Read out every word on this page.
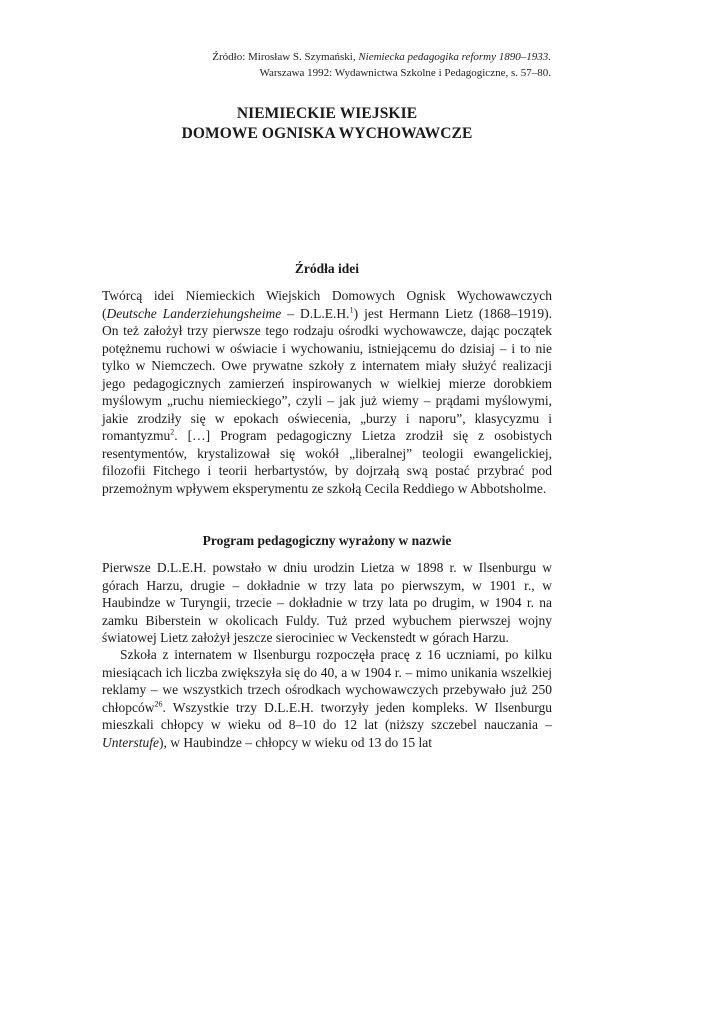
Źródło: Mirosław S. Szymański, Niemiecka pedagogika reformy 1890–1933.
Warszawa 1992: Wydawnictwa Szkolne i Pedagogiczne, s. 57–80.
NIEMIECKIE WIEJSKIE
DOMOWE OGNISKA WYCHOWAWCZE
Źródła idei
Twórcą idei Niemieckich Wiejskich Domowych Ognisk Wychowawczych (Deutsche Landerziehungsheime – D.L.E.H.$^1$) jest Hermann Lietz (1868–1919). On też założył trzy pierwsze tego rodzaju ośrodki wychowawcze, dając początek potężnemu ruchowi w oświacie i wychowaniu, istniejącemu do dzisiaj – i to nie tylko w Niemczech. Owe prywatne szkoły z internatem miały służyć realizacji jego pedagogicznych zamierzeń inspirowanych w wielkiej mierze dorobkiem myślowym „ruchu niemieckiego”, czyli – jak już wiemy – prądami myślowymi, jakie zrodziły się w epokach oświecenia, „burzy i naporu”, klasycyzmu i romantyzmu$^2$. […] Program pedagogiczny Lietza zrodził się z osobistych resentymentów, krystalizował się wokół „liberalnej” teologii ewangelickiej, filozofii Fitchego i teorii herbartystów, by dojrzałą swą postać przybrać pod przemożnym wpływem eksperymentu ze szkołą Cecila Reddiego w Abbotsholme.
Program pedagogiczny wyrażony w nazwie
Pierwsze D.L.E.H. powstało w dniu urodzin Lietza w 1898 r. w Ilsenburgu w górach Harzu, drugie – dokładnie w trzy lata po pierwszym, w 1901 r., w Haubindze w Turyngii, trzecie – dokładnie w trzy lata po drugim, w 1904 r. na zamku Biberstein w okolicach Fuldy. Tuż przed wybuchem pierwszej wojny światowej Lietz założył jeszcze sierociniec w Veckenstedt w górach Harzu.
Szkoła z internatem w Ilsenburgu rozpoczęła pracę z 16 uczniami, po kilku miesiącach ich liczba zwiększyła się do 40, a w 1904 r. – mimo unikania wszelkiej reklamy – we wszystkich trzech ośrodkach wychowawczych przebywało już 250 chłopców$^{26}$. Wszystkie trzy D.L.E.H. tworzyły jeden kompleks. W Ilsenburgu mieszkali chłopcy w wieku od 8–10 do 12 lat (niższy szczebel nauczania – Unterstufe), w Haubindze – chłopcy w wieku od 13 do 15 lat
